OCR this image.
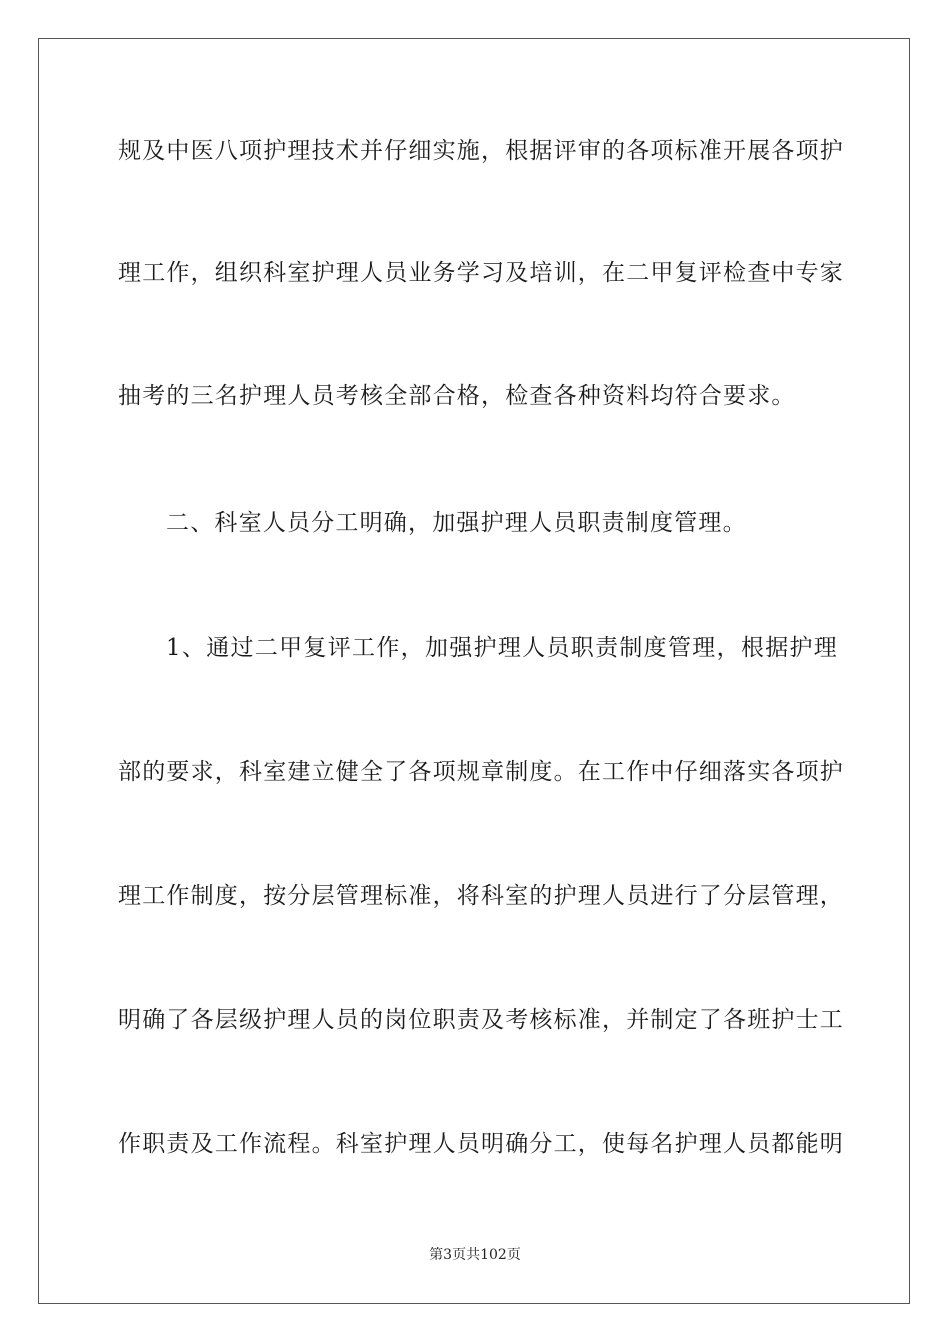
规及中医八项护理技术并仔细实施，根据评审的各项标准开展各项护
理工作，组织科室护理人员业务学习及培训，在二甲复评检查中专家
抽考的三名护理人员考核全部合格，检查各种资料均符合要求。
二、科室人员分工明确，加强护理人员职责制度管理。
1、通过二甲复评工作，加强护理人员职责制度管理，根据护理
部的要求，科室建立健全了各项规章制度。在工作中仔细落实各项护
理工作制度，按分层管理标准，将科室的护理人员进行了分层管理，
明确了各层级护理人员的岗位职责及考核标准，并制定了各班护士工
作职责及工作流程。科室护理人员明确分工，使每名护理人员都能明
第3页共102页
